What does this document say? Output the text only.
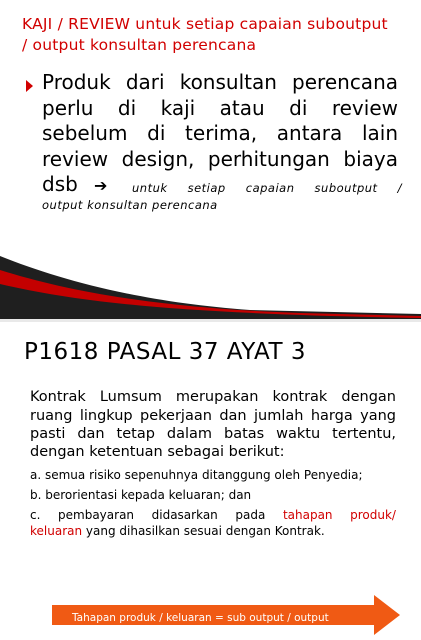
KAJI / REVIEW untuk setiap capaian suboutput
/ output konsultan perencana
Produk dari konsultan perencana perlu di kaji atau di review sebelum di terima, antara lain review design, perhitungan biaya
dsb ➔ untuk setiap capaian suboutput /
output konsultan perencana
P1618 PASAL 37 AYAT 3
Kontrak Lumsum merupakan kontrak dengan ruang lingkup pekerjaan dan jumlah harga yang pasti dan tetap dalam batas waktu tertentu,
dengan ketentuan sebagai berikut:
a. semua risiko sepenuhnya ditanggung oleh Penyedia;
b. berorientasi kepada keluaran; dan
c. pembayaran didasarkan pada tahapan produk/
keluaran yang dihasilkan sesuai dengan Kontrak.
Tahapan produk / keluaran = sub output / output
